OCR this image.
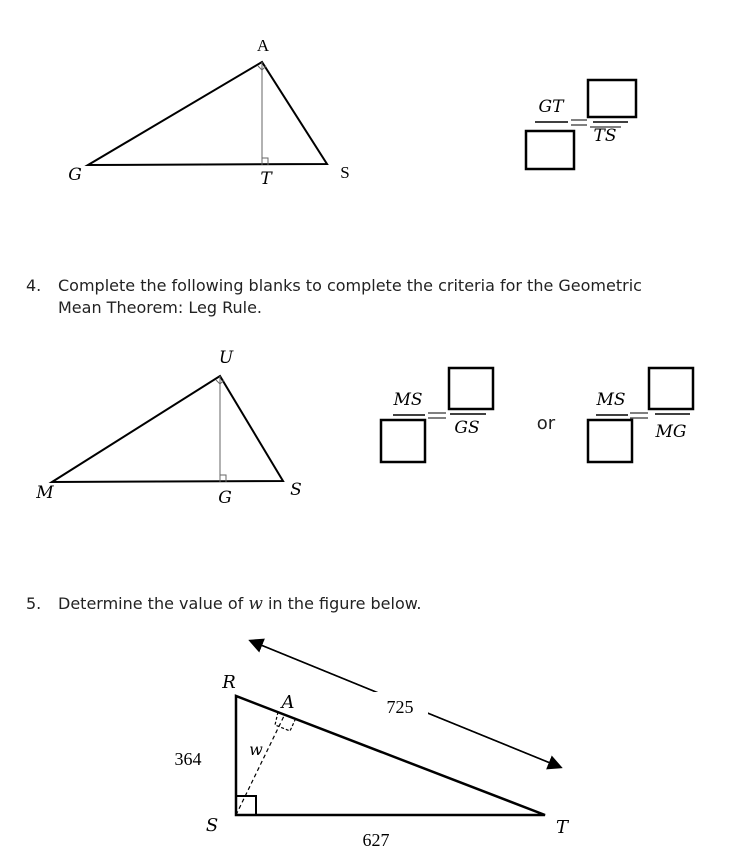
A
G	T	S
GT
TS
U
M	G	S
MS
GS	or
MS
MG
725
R
A
S	T
w
364
627
4. Complete the following blanks to complete the criteria for the Geometric
Mean Theorem: Leg Rule.
5. Determine the value of w in the figure below.
